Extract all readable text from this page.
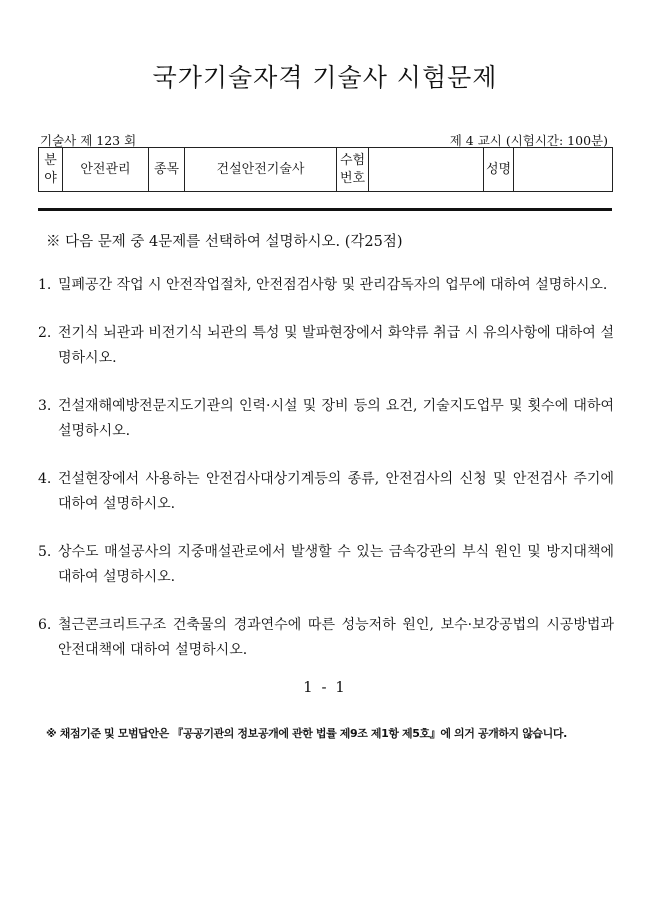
국가기술자격 기술사 시험문제
기술사 제 123 회	제 4 교시 (시험시간: 100분)
분야	안전관리	종목	건설안전기술사	수험번호		성명	
※ 다음 문제 중 4문제를 선택하여 설명하시오. (각25점)
1. 밀폐공간 작업 시 안전작업절차, 안전점검사항 및 관리감독자의 업무에 대하여 설명하시오.
2. 전기식 뇌관과 비전기식 뇌관의 특성 및 발파현장에서 화약류 취급 시 유의사항에 대하여 설명하시오.
3. 건설재해예방전문지도기관의 인력·시설 및 장비 등의 요건, 기술지도업무 및 횟수에 대하여 설명하시오.
4. 건설현장에서 사용하는 안전검사대상기계등의 종류, 안전검사의 신청 및 안전검사 주기에 대하여 설명하시오.
5. 상수도 매설공사의 지중매설관로에서 발생할 수 있는 금속강관의 부식 원인 및 방지대책에 대하여 설명하시오.
6. 철근콘크리트구조 건축물의 경과연수에 따른 성능저하 원인, 보수·보강공법의 시공방법과 안전대책에 대하여 설명하시오.
1 - 1
※ 채점기준 및 모범답안은 『공공기관의 정보공개에 관한 법률 제9조 제1항 제5호』에 의거 공개하지 않습니다.
